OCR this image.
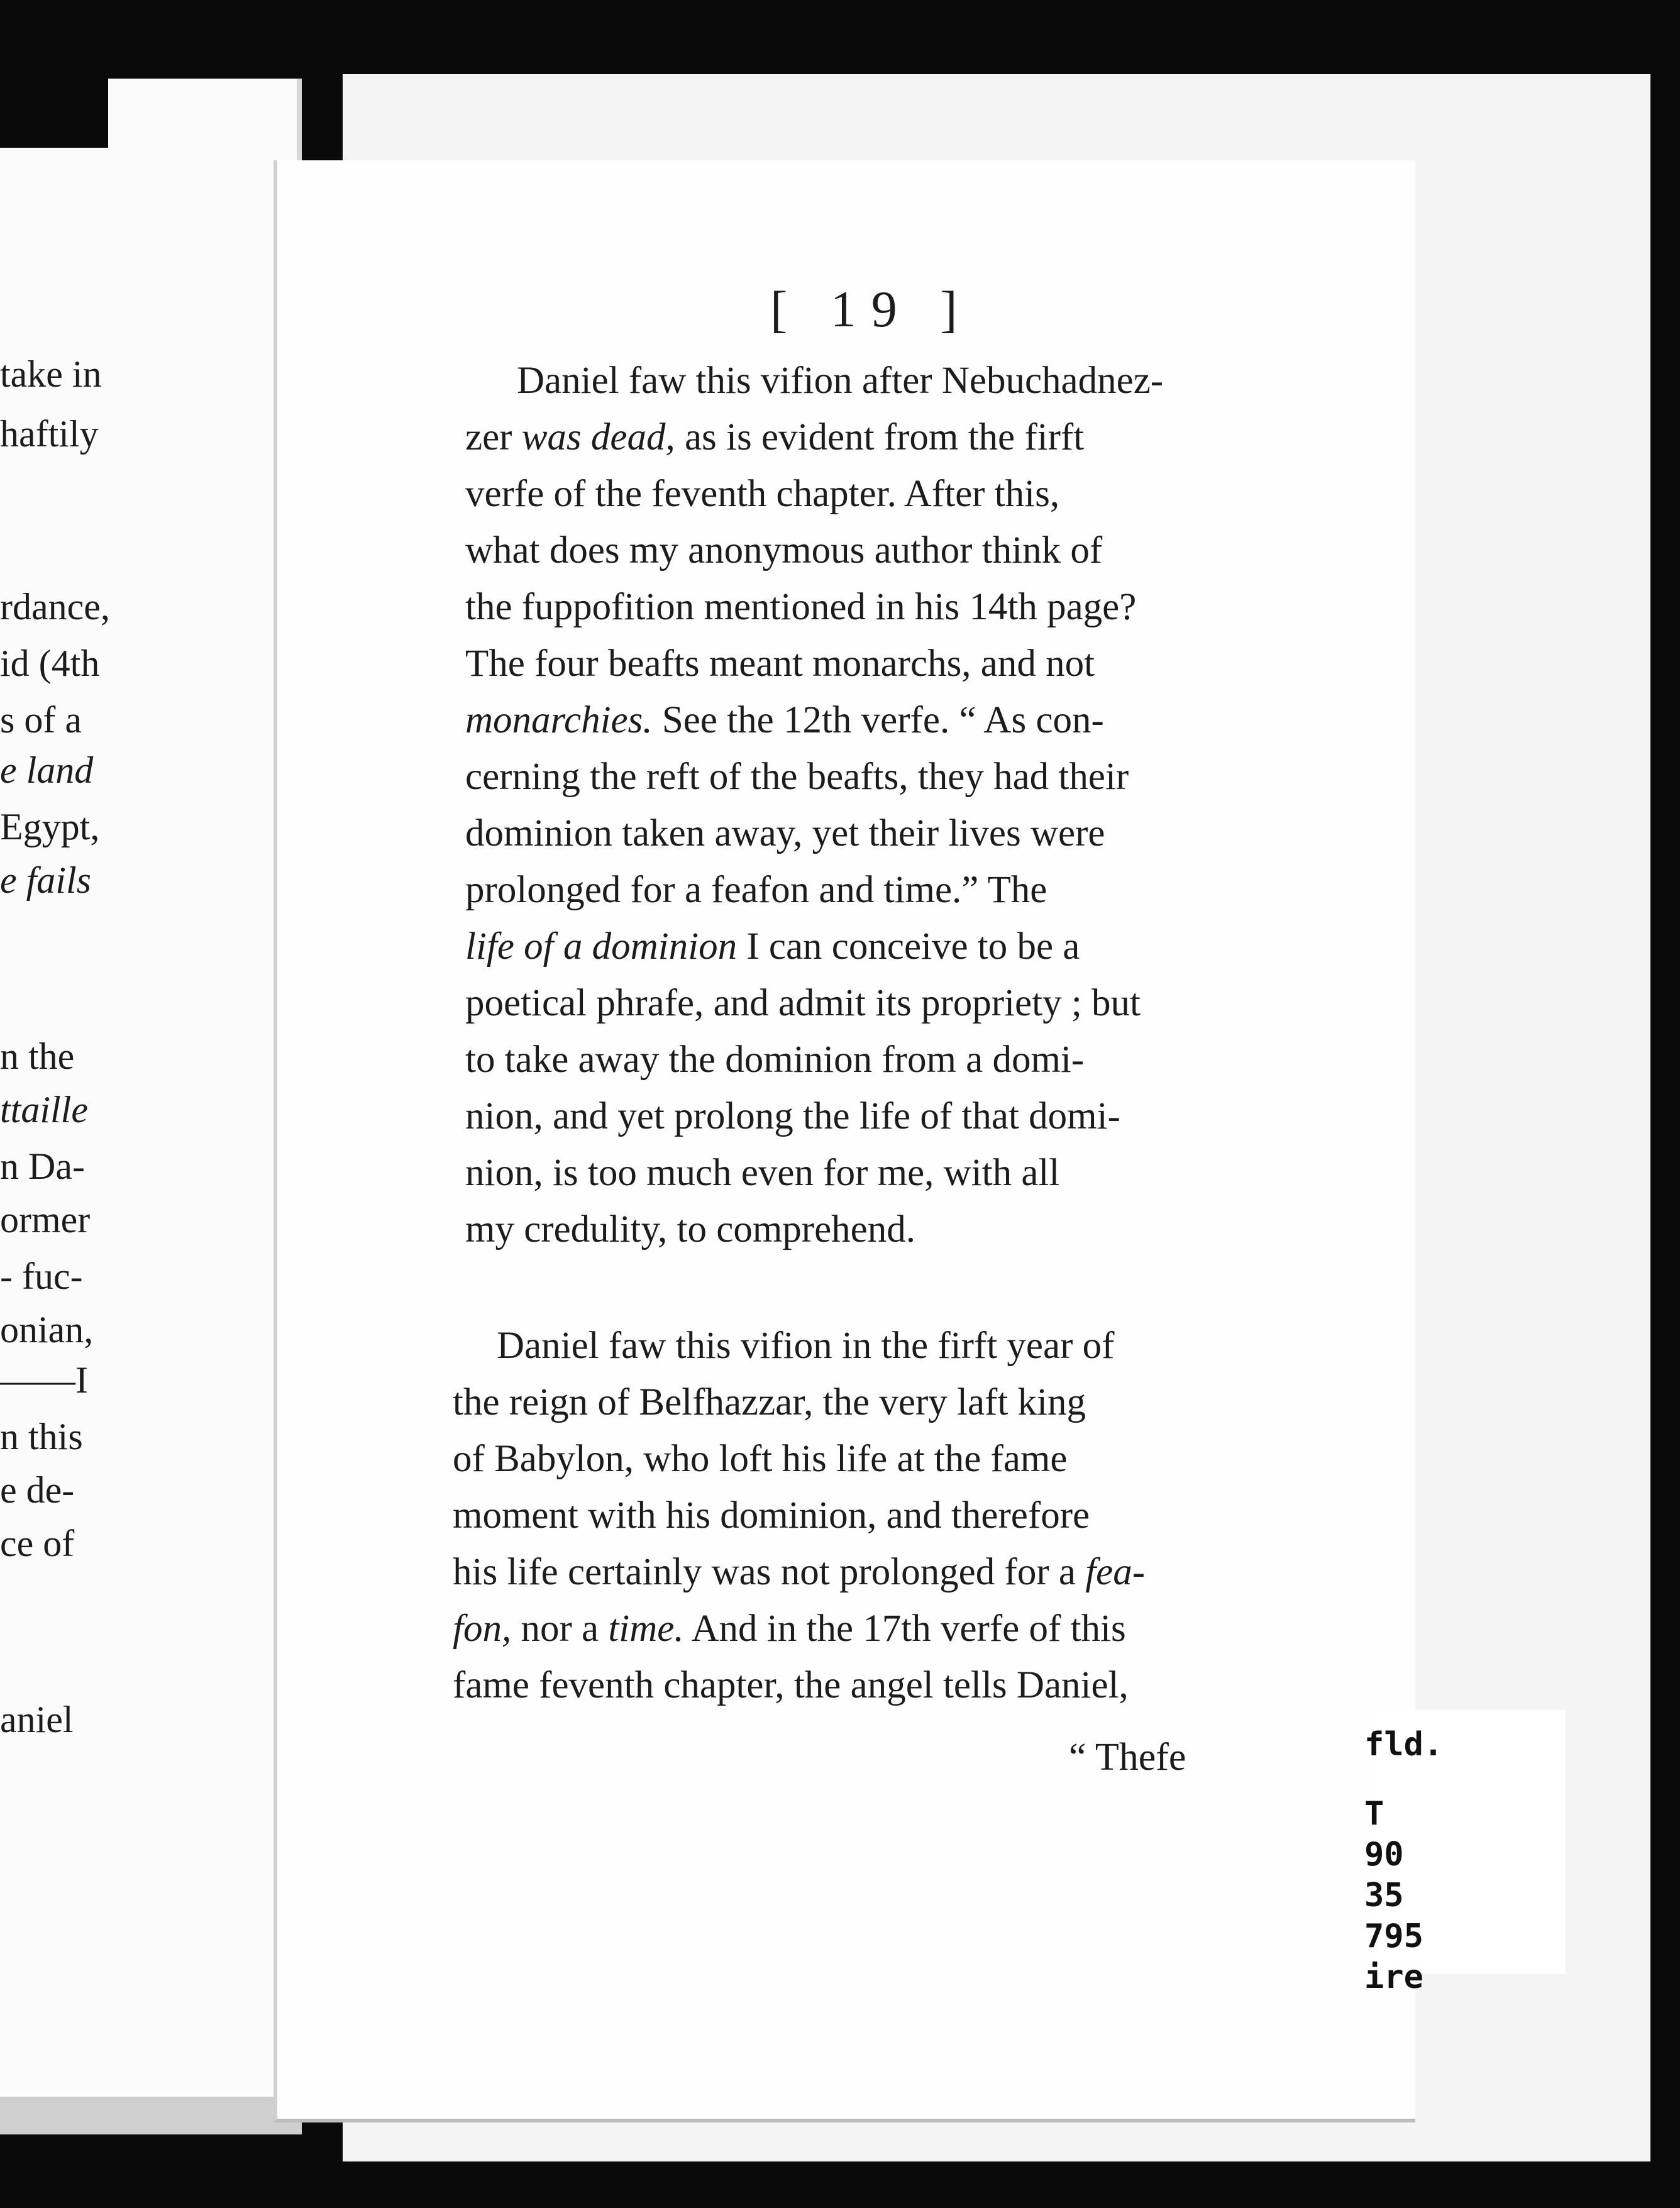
take in
haftily
rdance,
id (4th
s of a
e land
Egypt,
e fails
n the
ttaille
n Da-
ormer
- fuc-
onian,
——I
n this
e de-
ce of
aniel
[ 19 ]
Daniel faw this vifion after Nebuchadnez-
zer was dead, as is evident from the firft
verfe of the feventh chapter. After this,
what does my anonymous author think of
the fuppofition mentioned in his 14th page?
The four beafts meant monarchs, and not
monarchies. See the 12th verfe. “ As con-
cerning the reft of the beafts, they had their
dominion taken away, yet their lives were
prolonged for a feafon and time.” The
life of a dominion I can conceive to be a
poetical phrafe, and admit its propriety ; but
to take away the dominion from a domi-
nion, and yet prolong the life of that domi-
nion, is too much even for me, with all
my credulity, to comprehend.
Daniel faw this vifion in the firft year of
the reign of Belfhazzar, the very laft king
of Babylon, who loft his life at the fame
moment with his dominion, and therefore
his life certainly was not prolonged for a fea-
fon, nor a time. And in the 17th verfe of this
fame feventh chapter, the angel tells Daniel,
“ Thefe	fld.
T
90
35
795
ire
